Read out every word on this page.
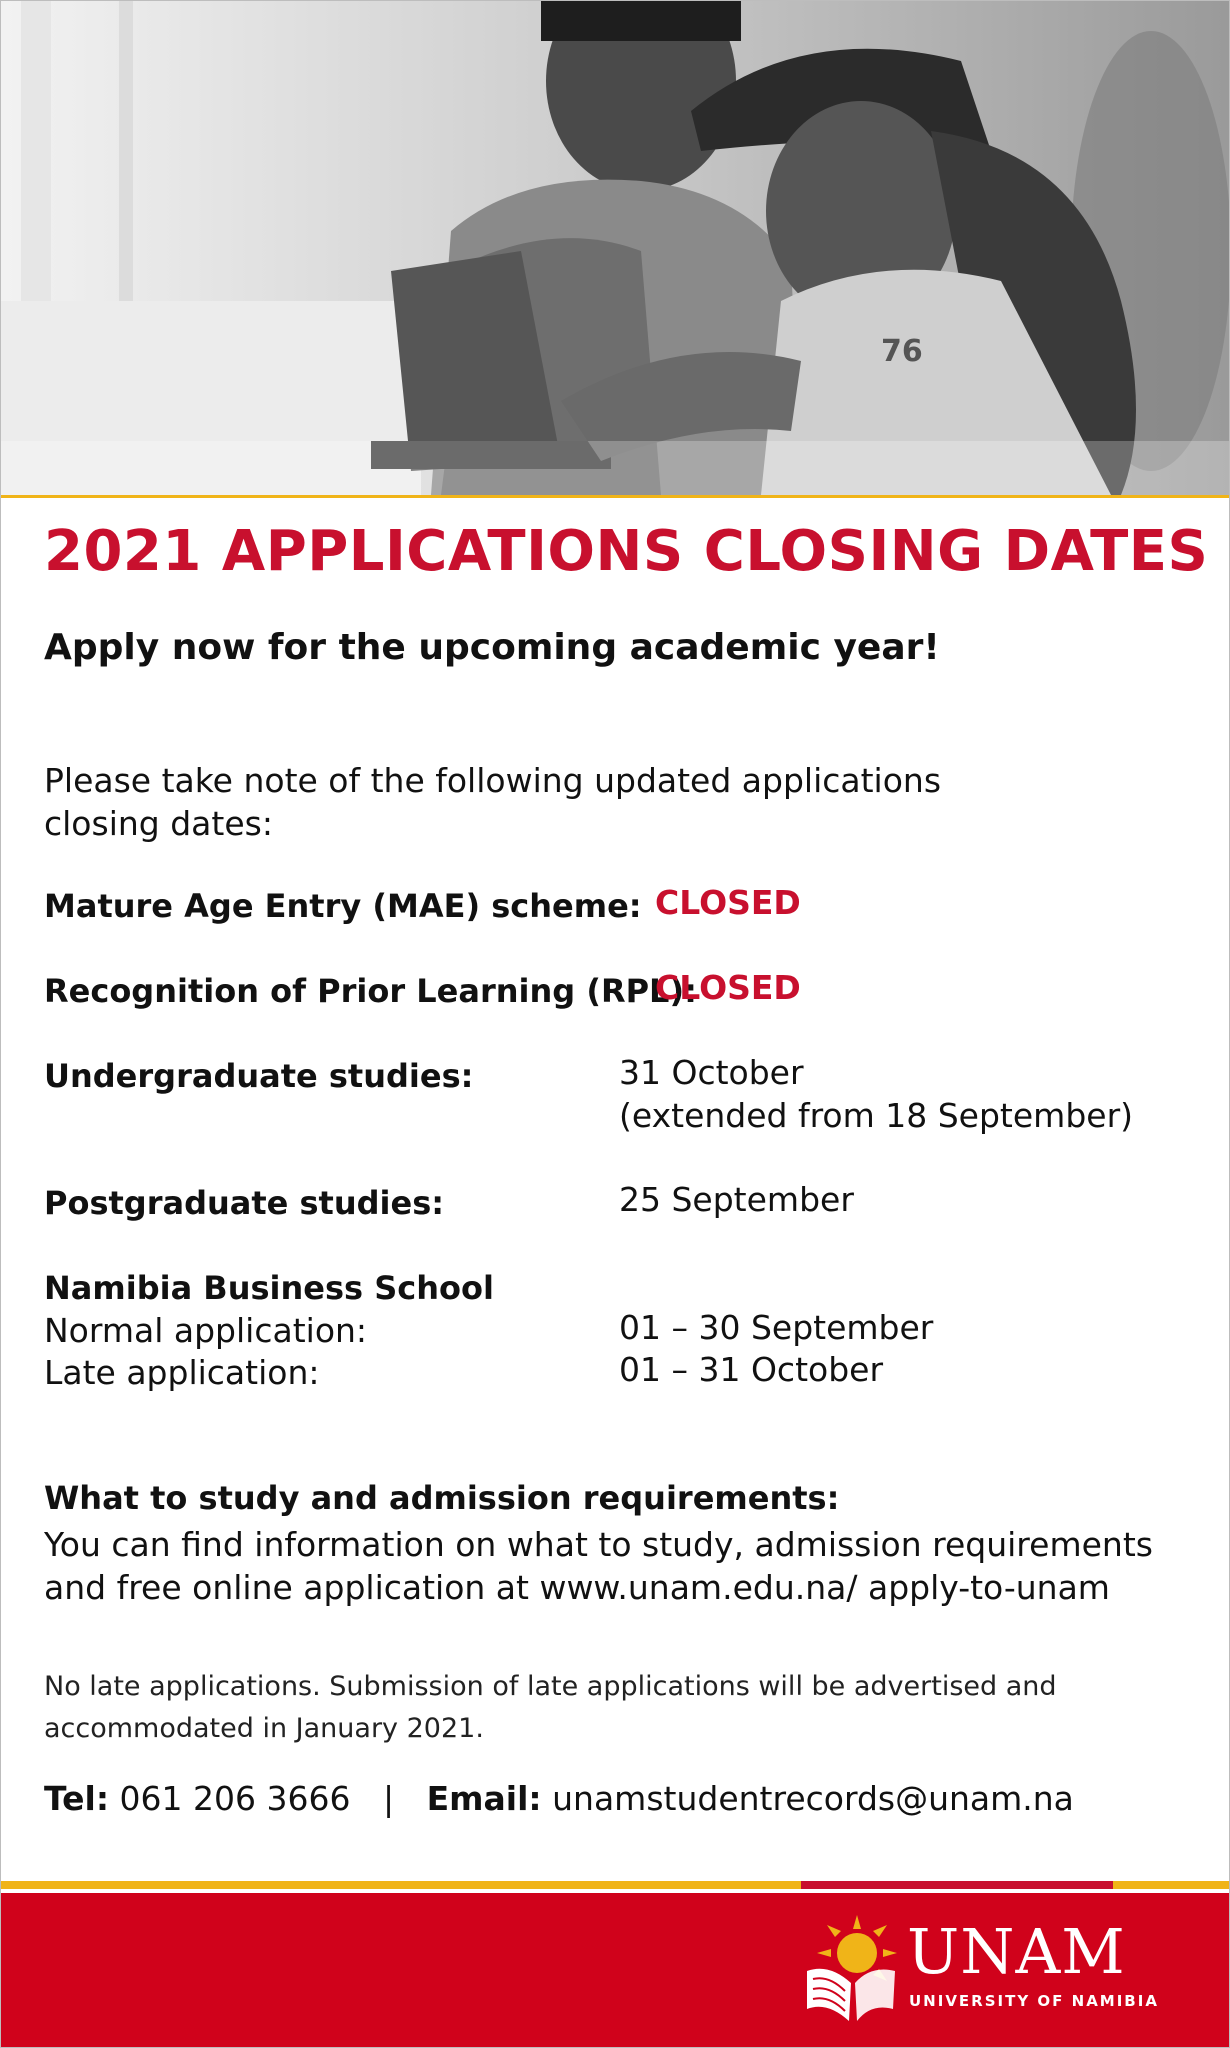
76
2021 APPLICATIONS CLOSING DATES
Apply now for the upcoming academic year!

Please take note of the following updated applications closing dates:

Mature Age Entry (MAE) scheme: CLOSED
Recognition of Prior Learning (RPL):
CLOSED
Undergraduate studies:	31 October
(extended from 18 September)
Postgraduate studies:	25 September
Namibia Business School
Normal application:	01 – 30 September
Late application:	01 – 31 October
What to study and admission requirements:

You can find information on what to study, admission requirements and free online application at www.unam.edu.na/ apply-to-unam

No late applications. Submission of late applications will be advertised and accommodated in January 2021.

Tel: 061 206 3666 | Email: unamstudentrecords@unam.na
UNAM
UNIVERSITY OF NAMIBIA
